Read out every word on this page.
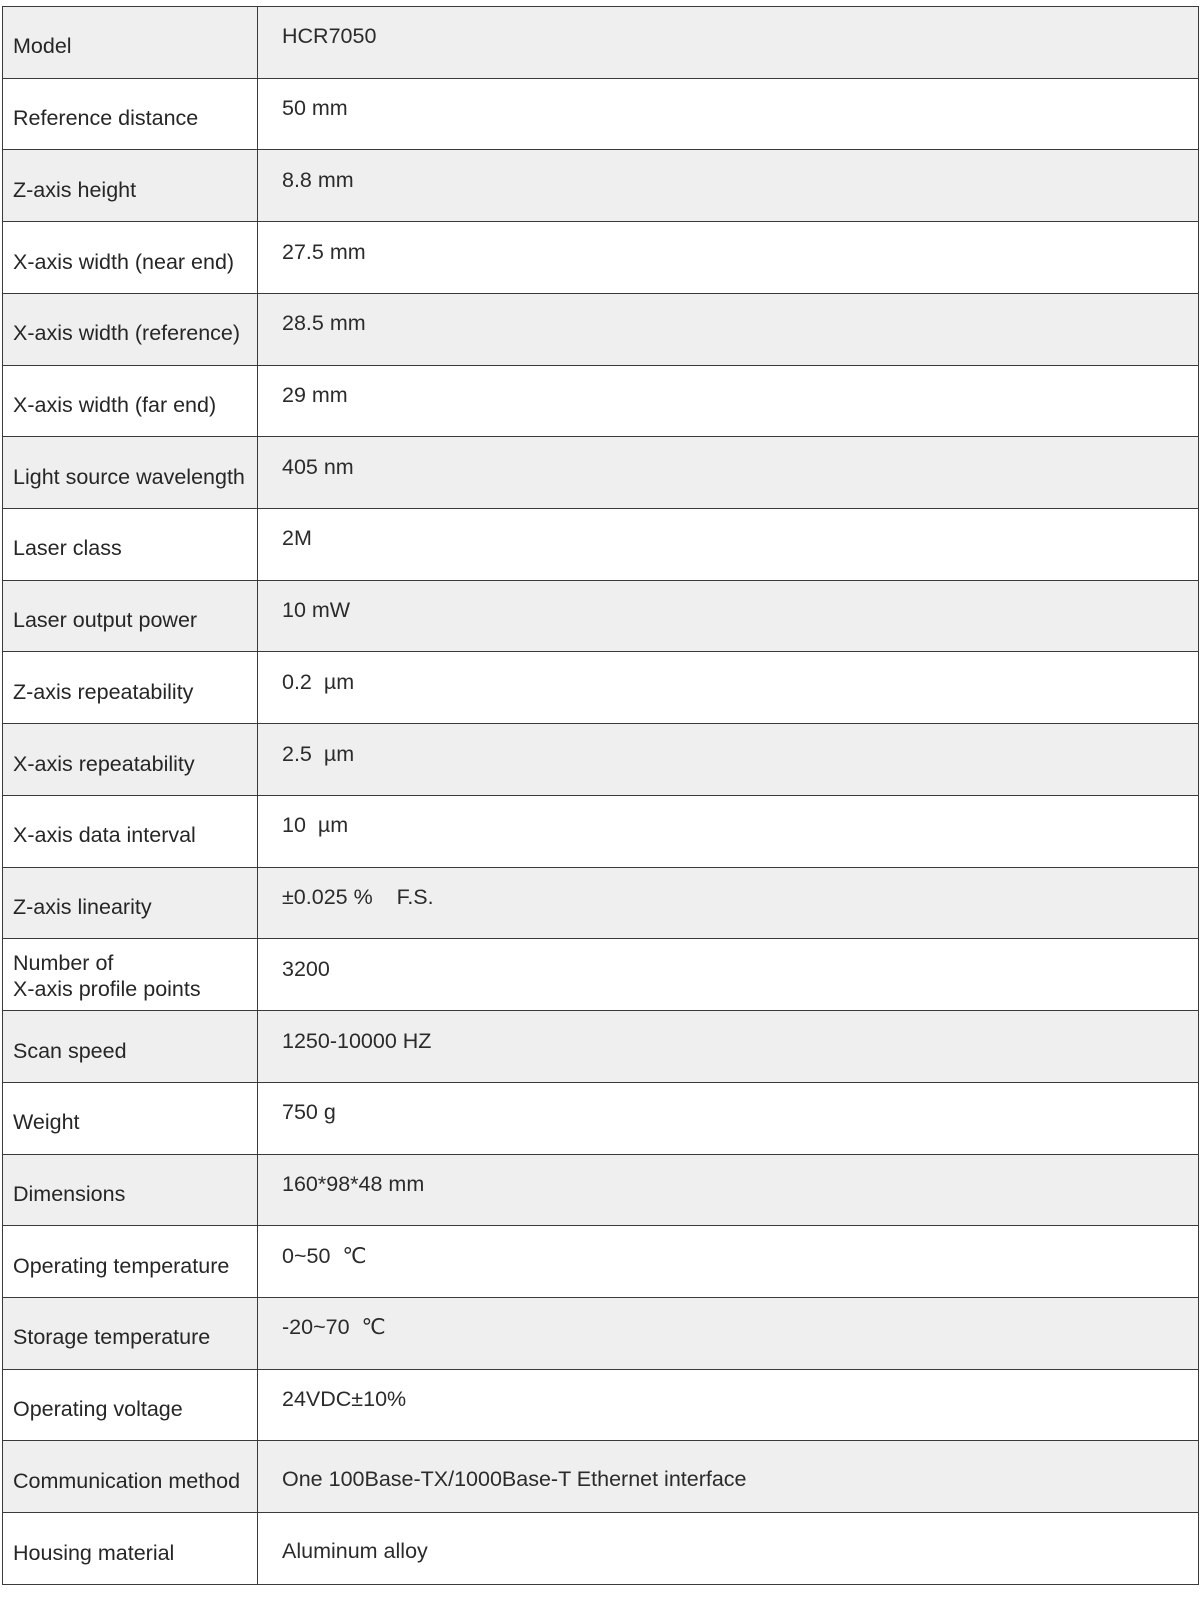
Model	HCR7050
Reference distance	50 mm
Z-axis height	8.8 mm
X-axis width (near end)	27.5 mm
X-axis width (reference)	28.5 mm
X-axis width (far end)	29 mm
Light source wavelength	405 nm
Laser class	2M
Laser output power	10 mW
Z-axis repeatability	0.2  µm
X-axis repeatability	2.5  µm
X-axis data interval	10  µm
Z-axis linearity	±0.025 %    F.S.
Number of
X-axis profile points	3200
Scan speed	1250-10000 HZ
Weight	750 g
Dimensions	160*98*48 mm
Operating temperature	0~50  ℃
Storage temperature	-20~70  ℃
Operating voltage	24VDC±10%
Communication method	One 100Base-TX/1000Base-T Ethernet interface
Housing material	Aluminum alloy
